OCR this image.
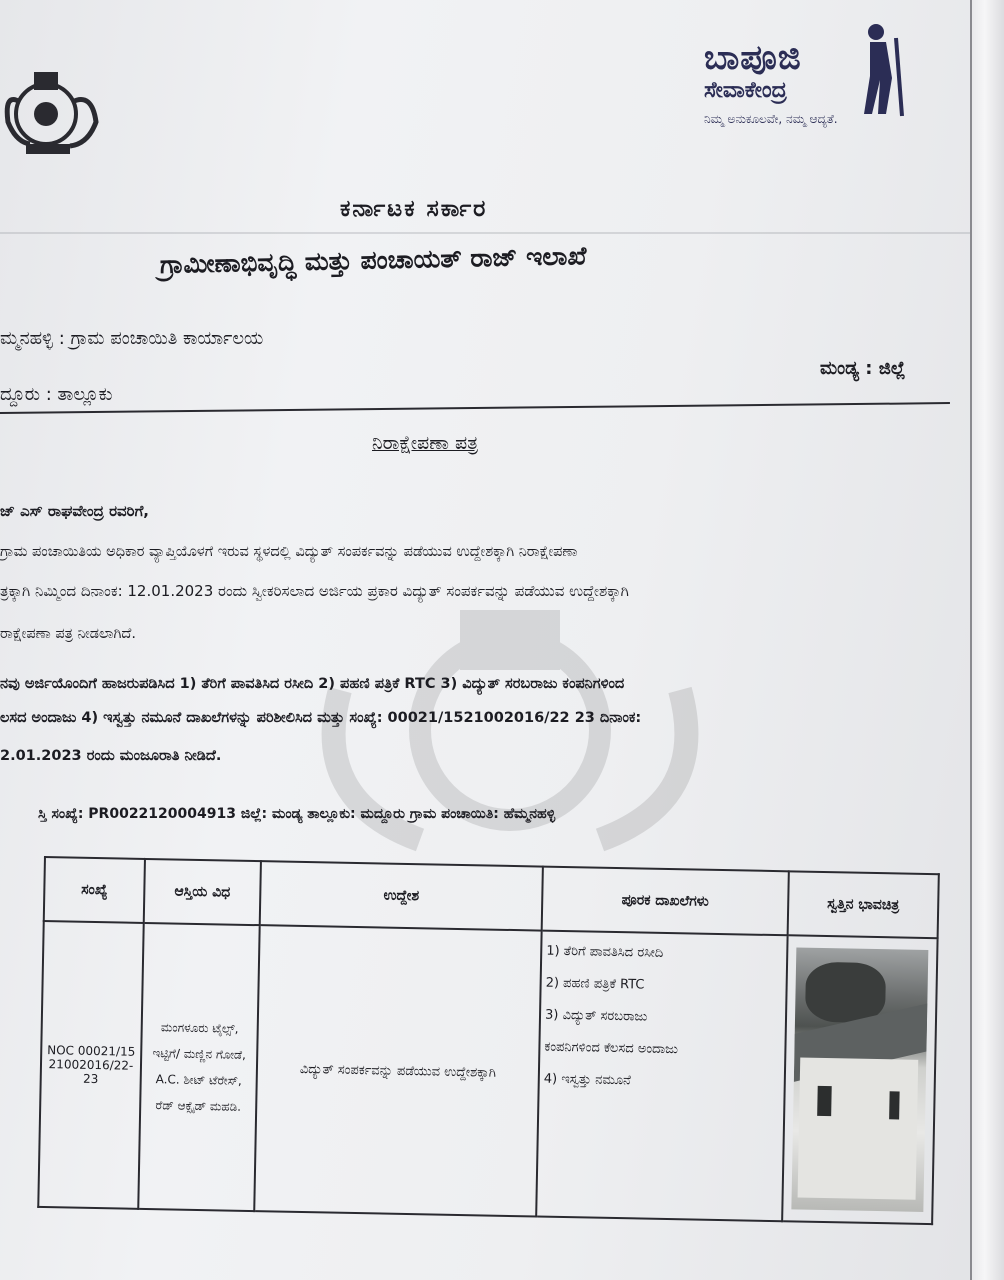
ಬಾಪೂಜಿ
ಸೇವಾಕೇಂದ್ರ
ನಿಮ್ಮ ಅನುಕೂಲವೇ, ನಮ್ಮ ಆದ್ಯತೆ.
ಕರ್ನಾಟಕ ಸರ್ಕಾರ
ಗ್ರಾಮೀಣಾಭಿವೃದ್ಧಿ ಮತ್ತು ಪಂಚಾಯತ್ ರಾಜ್ ಇಲಾಖೆ
ಮ್ಮನಹಳ್ಳಿ : ಗ್ರಾಮ ಪಂಚಾಯಿತಿ ಕಾರ್ಯಾಲಯ
ಮಂಡ್ಯ : ಜಿಲ್ಲೆ
ದ್ದೂರು : ತಾಲ್ಲೂಕು
ನಿರಾಕ್ಷೇಪಣಾ ಪತ್ರ
ಜ್ ಎಸ್ ರಾಘವೇಂದ್ರ ರವರಿಗೆ,
ಗ್ರಾಮ ಪಂಚಾಯಿತಿಯ ಅಧಿಕಾರ ವ್ಯಾಪ್ತಿಯೊಳಗೆ ಇರುವ ಸ್ಥಳದಲ್ಲಿ ವಿದ್ಯುತ್ ಸಂಪರ್ಕವನ್ನು ಪಡೆಯುವ ಉದ್ದೇಶಕ್ಕಾಗಿ ನಿರಾಕ್ಷೇಪಣಾ
ತ್ರಕ್ಕಾಗಿ ನಿಮ್ಮಿಂದ ದಿನಾಂಕ: 12.01.2023 ರಂದು ಸ್ವೀಕರಿಸಲಾದ ಅರ್ಜಿಯ ಪ್ರಕಾರ ವಿದ್ಯುತ್ ಸಂಪರ್ಕವನ್ನು ಪಡೆಯುವ ಉದ್ದೇಶಕ್ಕಾಗಿ
ರಾಕ್ಷೇಪಣಾ ಪತ್ರ ನೀಡಲಾಗಿದೆ.
ನವು ಅರ್ಜಿಯೊಂದಿಗೆ ಹಾಜರುಪಡಿಸಿದ 1) ತೆರಿಗೆ ಪಾವತಿಸಿದ ರಸೀದಿ 2) ಪಹಣಿ ಪತ್ರಿಕೆ RTC 3) ವಿದ್ಯುತ್ ಸರಬರಾಜು ಕಂಪನಿಗಳಿಂದ
ಲಸದ ಅಂದಾಜು 4) ಇಸ್ವತ್ತು ನಮೂನೆ ದಾಖಲೆಗಳನ್ನು ಪರಿಶೀಲಿಸಿದ ಮತ್ತು ಸಂಖ್ಯೆ: 00021/1521002016/22 23 ದಿನಾಂಕ:
2.01.2023 ರಂದು ಮಂಜೂರಾತಿ ನೀಡಿದೆ.
ಸ್ತಿ ಸಂಖ್ಯೆ: PR0022120004913 ಜಿಲ್ಲೆ: ಮಂಡ್ಯ ತಾಲ್ಲೂಕು: ಮದ್ದೂರು ಗ್ರಾಮ ಪಂಚಾಯಿತಿ: ಹೆಮ್ಮನಹಳ್ಳಿ
ಸಂಖ್ಯೆ	ಆಸ್ತಿಯ ವಿಧ	ಉದ್ದೇಶ	ಪೂರಕ ದಾಖಲೆಗಳು	ಸ್ವತ್ತಿನ ಭಾವಚಿತ್ರ
NOC 00021/1521002016/22-23	ಮಂಗಳೂರು ಟೈಲ್ಸ್, ಇಟ್ಟಿಗೆ/ ಮಣ್ಣಿನ ಗೋಡೆ, A.C. ಶೀಟ್ ಟೆರೇಸ್, ರೆಡ್ ಆಕ್ಸೈಡ್ ಮಹಡಿ.	ವಿದ್ಯುತ್ ಸಂಪರ್ಕವನ್ನು ಪಡೆಯುವ ಉದ್ದೇಶಕ್ಕಾಗಿ	1) ತೆರಿಗೆ ಪಾವತಿಸಿದ ರಸೀದಿ
2) ಪಹಣಿ ಪತ್ರಿಕೆ RTC
3) ವಿದ್ಯುತ್ ಸರಬರಾಜು
ಕಂಪನಿಗಳಿಂದ ಕೆಲಸದ ಅಂದಾಜು
4) ಇಸ್ವತ್ತು ನಮೂನೆ	
